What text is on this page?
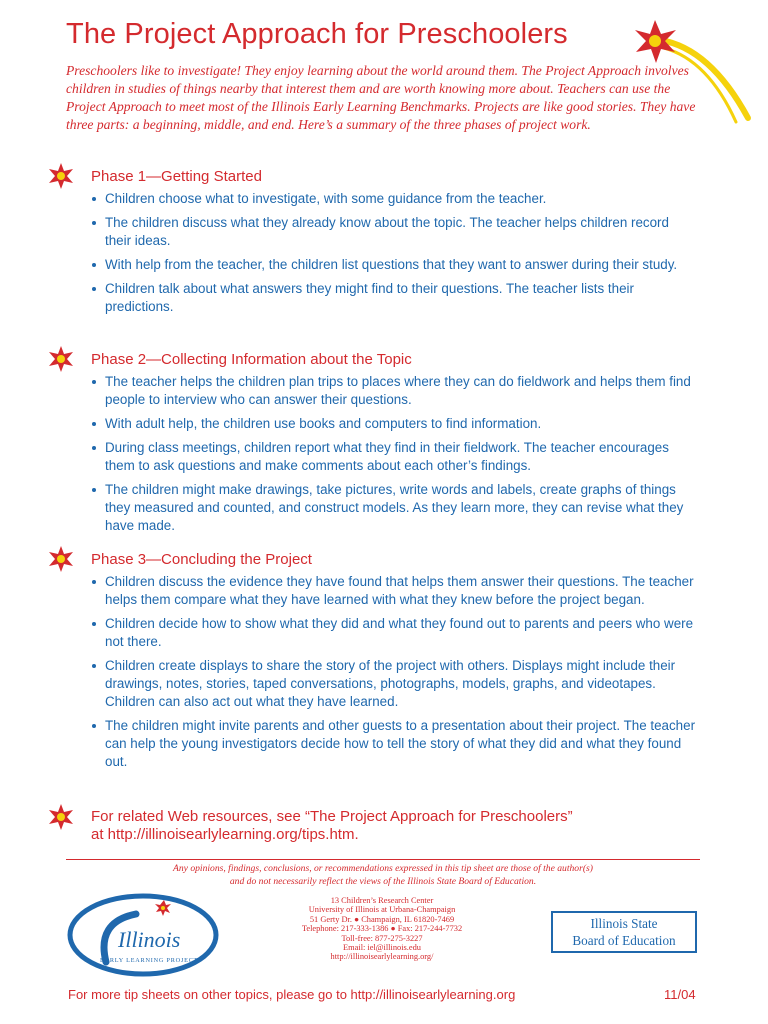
The Project Approach for Preschoolers
Preschoolers like to investigate! They enjoy learning about the world around them. The Project Approach involves children in studies of things nearby that interest them and are worth knowing more about. Teachers can use the Project Approach to meet most of the Illinois Early Learning Benchmarks. Projects are like good stories. They have three parts: a beginning, middle, and end. Here’s a summary of the three phases of project work.
Phase 1—Getting Started
Children choose what to investigate, with some guidance from the teacher.
The children discuss what they already know about the topic. The teacher helps children record their ideas.
With help from the teacher, the children list questions that they want to answer during their study.
Children talk about what answers they might find to their questions. The teacher lists their predictions.
Phase 2—Collecting Information about the Topic
The teacher helps the children plan trips to places where they can do fieldwork and helps them find people to interview who can answer their questions.
With adult help, the children use books and computers to find information.
During class meetings, children report what they find in their fieldwork. The teacher encourages them to ask questions and make comments about each other’s findings.
The children might make drawings, take pictures, write words and labels, create graphs of things they measured and counted, and construct models. As they learn more, they can revise what they have made.
Phase 3—Concluding the Project
Children discuss the evidence they have found that helps them answer their questions. The teacher helps them compare what they have learned with what they knew before the project began.
Children decide how to show what they did and what they found out to parents and peers who were not there.
Children create displays to share the story of the project with others. Displays might include their drawings, notes, stories, taped conversations, photographs, models, graphs, and videotapes. Children can also act out what they have learned.
The children might invite parents and other guests to a presentation about their project. The teacher can help the young investigators decide how to tell the story of what they did and what they found out.
For related Web resources, see “The Project Approach for Preschoolers”
at http://illinoisearlylearning.org/tips.htm.
Any opinions, findings, conclusions, or recommendations expressed in this tip sheet are those of the author(s)
and do not necessarily reflect the views of the Illinois State Board of Education.
Illinois
EARLY LEARNING PROJECT
13 Children’s Research Center
University of Illinois at Urbana-Champaign
51 Gerty Dr. ● Champaign, IL 61820-7469
Telephone: 217-333-1386 ● Fax: 217-244-7732
Toll-free: 877-275-3227
Email: iel@illinois.edu
http://illinoisearlylearning.org/
Illinois State
Board of Education
For more tip sheets on other topics, please go to http://illinoisearlylearning.org	11/04
